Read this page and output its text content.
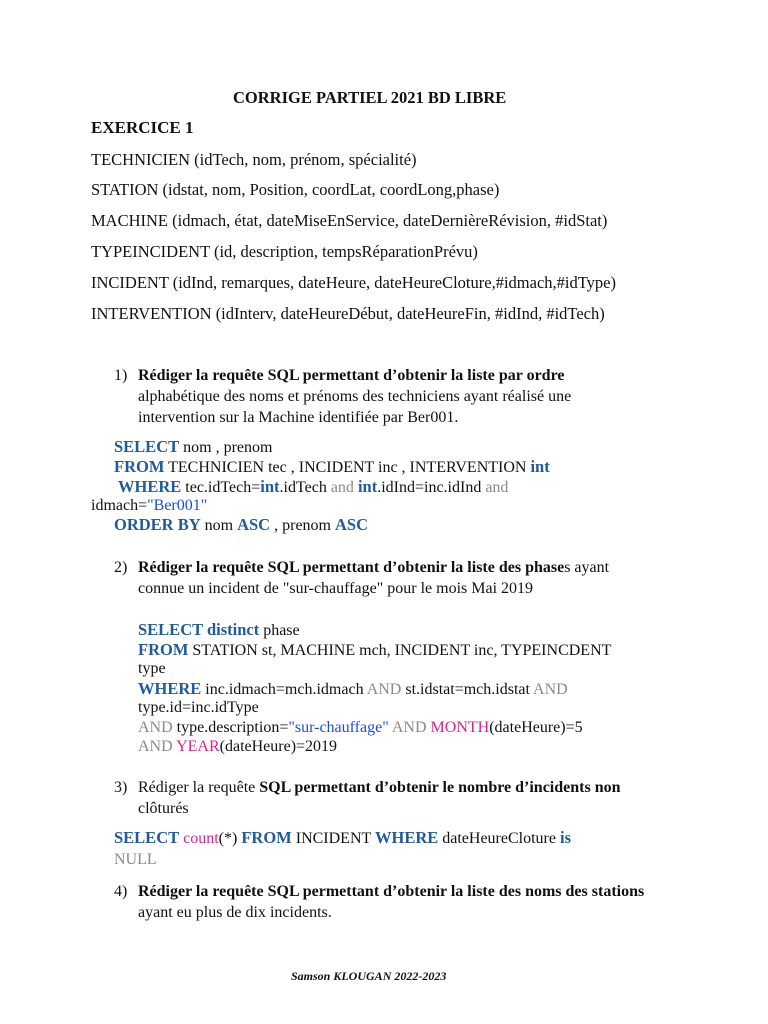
CORRIGE PARTIEL 2021 BD LIBRE
EXERCICE 1
TECHNICIEN (idTech, nom, prénom, spécialité)
STATION (idstat, nom, Position, coordLat, coordLong,phase)
MACHINE (idmach, état, dateMiseEnService, dateDernièreRévision, #idStat)
TYPEINCIDENT (id, description, tempsRéparationPrévu)
INCIDENT (idInd, remarques, dateHeure, dateHeureCloture,#idmach,#idType)
INTERVENTION (idInterv, dateHeureDébut, dateHeureFin, #idInd, #idTech)
1) Rédiger la requête SQL permettant d’obtenir la liste par ordre
alphabétique des noms et prénoms des techniciens ayant réalisé une
intervention sur la Machine identifiée par Ber001.
SELECT nom , prenom
FROM TECHNICIEN tec , INCIDENT inc , INTERVENTION int
WHERE tec.idTech=int.idTech and int.idInd=inc.idInd and
idmach="Ber001"
ORDER BY nom ASC , prenom ASC
2) Rédiger la requête SQL permettant d’obtenir la liste des phases ayant
connue un incident de "sur-chauffage" pour le mois Mai 2019
SELECT distinct phase
FROM STATION st, MACHINE mch, INCIDENT inc, TYPEINCDENT
type
WHERE inc.idmach=mch.idmach AND st.idstat=mch.idstat AND
type.id=inc.idType
AND type.description="sur-chauffage" AND MONTH(dateHeure)=5
AND YEAR(dateHeure)=2019
3) Rédiger la requête SQL permettant d’obtenir le nombre d’incidents non
clôturés
SELECT count(*) FROM INCIDENT WHERE dateHeureCloture is
NULL
4) Rédiger la requête SQL permettant d’obtenir la liste des noms des stations
ayant eu plus de dix incidents.
Samson KLOUGAN 2022-2023
